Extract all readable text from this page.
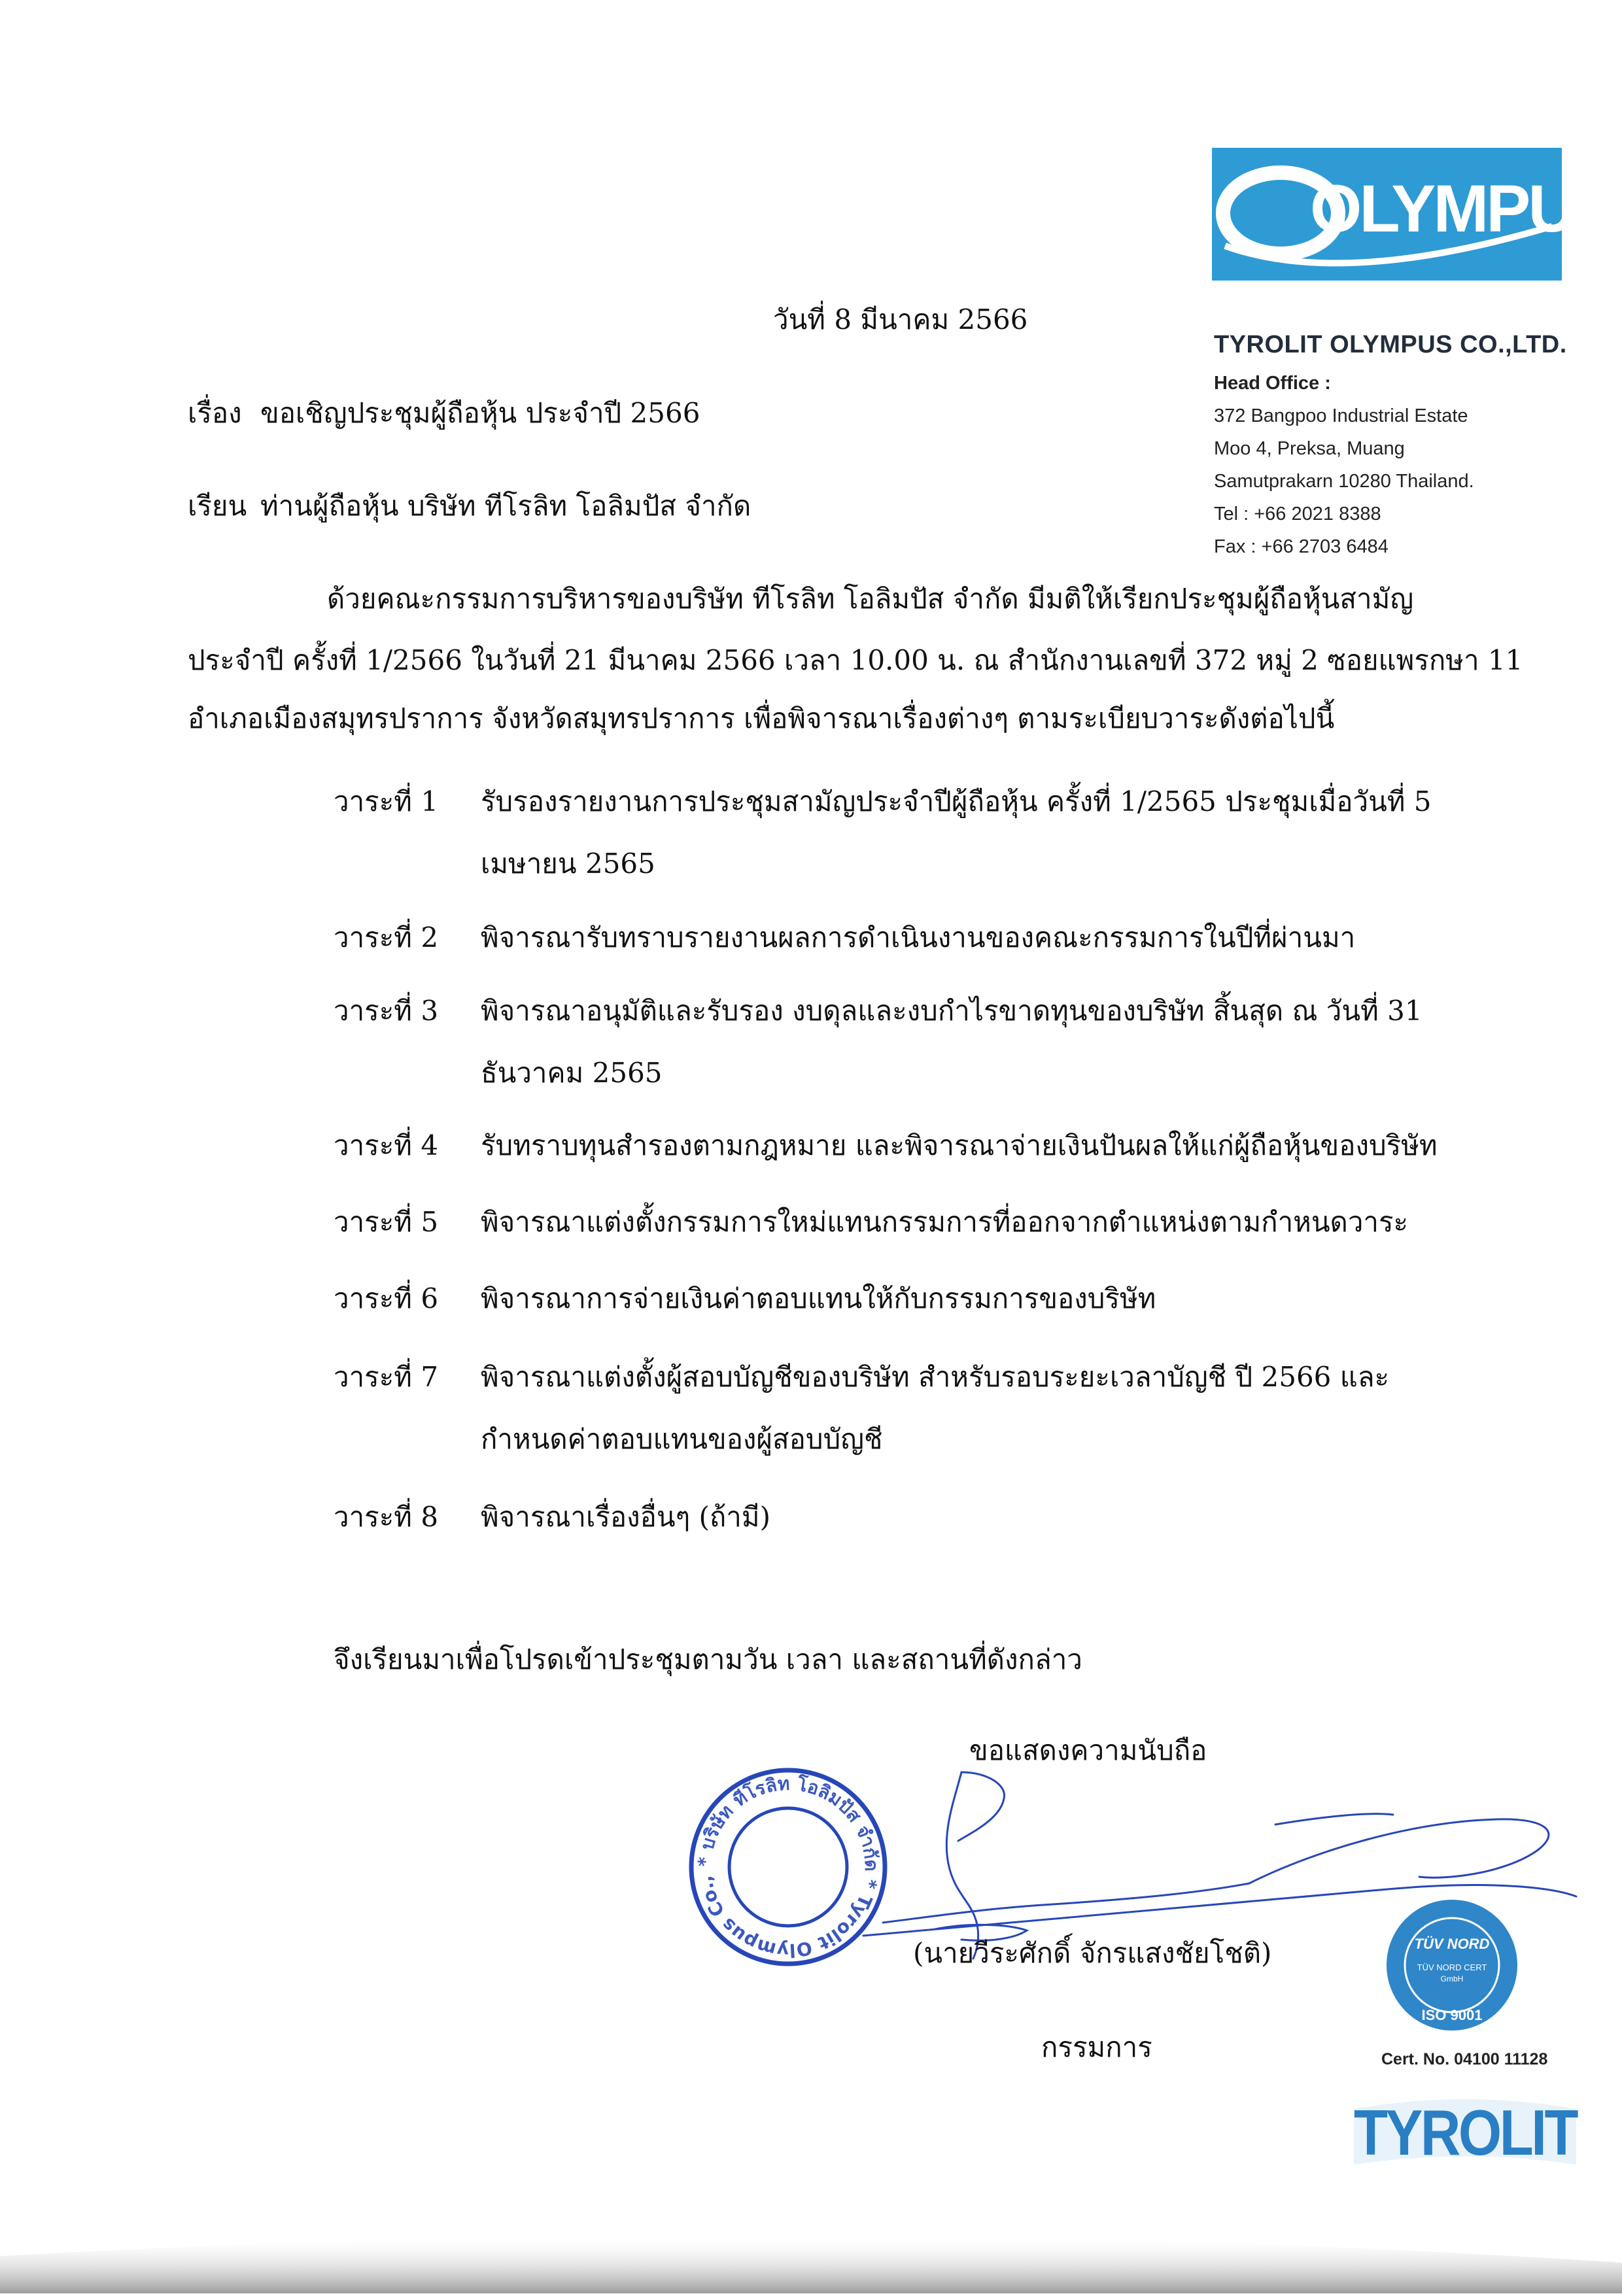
OLYMPUS
TYROLIT OLYMPUS CO.,LTD.
Head Office :
372 Bangpoo Industrial Estate
Moo 4, Preksa, Muang
Samutprakarn 10280 Thailand.
Tel : +66 2021 8388
Fax : +66 2703 6484
วันที่ 8 มีนาคม 2566
เรื่อง ขอเชิญประชุมผู้ถือหุ้น ประจำปี 2566
เรียน ท่านผู้ถือหุ้น บริษัท ทีโรลิท โอลิมปัส จำกัด
ด้วยคณะกรรมการบริหารของบริษัท ทีโรลิท โอลิมปัส จำกัด มีมติให้เรียกประชุมผู้ถือหุ้นสามัญ
ประจำปี ครั้งที่ 1/2566 ในวันที่ 21 มีนาคม 2566 เวลา 10.00 น. ณ สำนักงานเลขที่ 372 หมู่ 2 ซอยแพรกษา 11
อำเภอเมืองสมุทรปราการ จังหวัดสมุทรปราการ เพื่อพิจารณาเรื่องต่างๆ ตามระเบียบวาระดังต่อไปนี้
วาระที่ 1 รับรองรายงานการประชุมสามัญประจำปีผู้ถือหุ้น ครั้งที่ 1/2565 ประชุมเมื่อวันที่ 5
เมษายน 2565
วาระที่ 2 พิจารณารับทราบรายงานผลการดำเนินงานของคณะกรรมการในปีที่ผ่านมา
วาระที่ 3 พิจารณาอนุมัติและรับรอง งบดุลและงบกำไรขาดทุนของบริษัท สิ้นสุด ณ วันที่ 31
ธันวาคม 2565
วาระที่ 4 รับทราบทุนสำรองตามกฎหมาย และพิจารณาจ่ายเงินปันผลให้แก่ผู้ถือหุ้นของบริษัท
วาระที่ 5 พิจารณาแต่งตั้งกรรมการใหม่แทนกรรมการที่ออกจากตำแหน่งตามกำหนดวาระ
วาระที่ 6 พิจารณาการจ่ายเงินค่าตอบแทนให้กับกรรมการของบริษัท
วาระที่ 7 พิจารณาแต่งตั้งผู้สอบบัญชีของบริษัท สำหรับรอบระยะเวลาบัญชี ปี 2566 และ
กำหนดค่าตอบแทนของผู้สอบบัญชี
วาระที่ 8 พิจารณาเรื่องอื่นๆ (ถ้ามี)
จึงเรียนมาเพื่อโปรดเข้าประชุมตามวัน เวลา และสถานที่ดังกล่าว
ขอแสดงความนับถือ
* บริษัท ทีโรลิท โอลิมปัส จำกัด * Tyrolit Olympus Co.,
(นายวีระศักดิ์ จักรแสงชัยโชติ)
กรรมการ
TÜV NORD
TÜV NORD CERT
GmbH
ISO 9001
Cert. No. 04100 11128
TYROLIT
